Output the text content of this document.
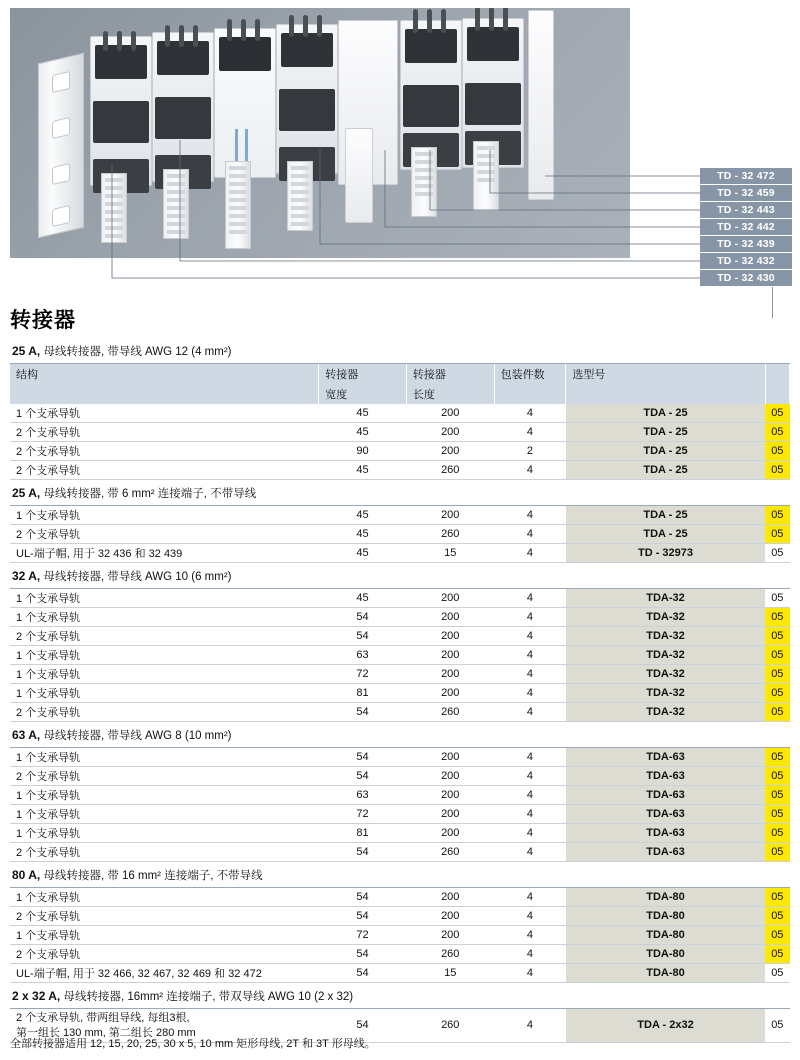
TD - 32 472
TD - 32 459
TD - 32 443
TD - 32 442
TD - 32 439
TD - 32 432
TD - 32 430
转接器
25 A, 母线转接器, 带导线 AWG 12 (4 mm²)					
结构	转接器	转接器	包装件数	选型号	
	宽度	长度			
1 个支承导轨	45	200	4	TDA - 25	05
2 个支承导轨	45	200	4	TDA - 25	05
2 个支承导轨	90	200	2	TDA - 25	05
2 个支承导轨	45	260	4	TDA - 25	05
25 A, 母线转接器, 带 6 mm² 连接端子, 不带导线					
1 个支承导轨	45	200	4	TDA - 25	05
2 个支承导轨	45	260	4	TDA - 25	05
UL-端子帽, 用于 32 436 和 32 439	45	15	4	TD - 32973	05
32 A, 母线转接器, 带导线 AWG 10 (6 mm²)					
1 个支承导轨	45	200	4	TDA-32	05
1 个支承导轨	54	200	4	TDA-32	05
2 个支承导轨	54	200	4	TDA-32	05
1 个支承导轨	63	200	4	TDA-32	05
1 个支承导轨	72	200	4	TDA-32	05
1 个支承导轨	81	200	4	TDA-32	05
2 个支承导轨	54	260	4	TDA-32	05
63 A, 母线转接器, 带导线 AWG 8 (10 mm²)					
1 个支承导轨	54	200	4	TDA-63	05
2 个支承导轨	54	200	4	TDA-63	05
1 个支承导轨	63	200	4	TDA-63	05
1 个支承导轨	72	200	4	TDA-63	05
1 个支承导轨	81	200	4	TDA-63	05
2 个支承导轨	54	260	4	TDA-63	05
80 A, 母线转接器, 带 16 mm² 连接端子, 不带导线					
1 个支承导轨	54	200	4	TDA-80	05
2 个支承导轨	54	200	4	TDA-80	05
1 个支承导轨	72	200	4	TDA-80	05
2 个支承导轨	54	260	4	TDA-80	05
UL-端子帽, 用于 32 466, 32 467, 32 469 和 32 472	54	15	4	TDA-80	05
2 x 32 A, 母线转接器, 16mm² 连接端子, 带双导线 AWG 10 (2 x 32)					
2 个支承导轨, 带两组导线, 每组3根,
第一组长 130 mm, 第二组长 280 mm	54	260	4	TDA - 2x32	05
全部转接器适用 12, 15, 20, 25, 30 x 5, 10 mm 矩形母线, 2T 和 3T 形母线。
